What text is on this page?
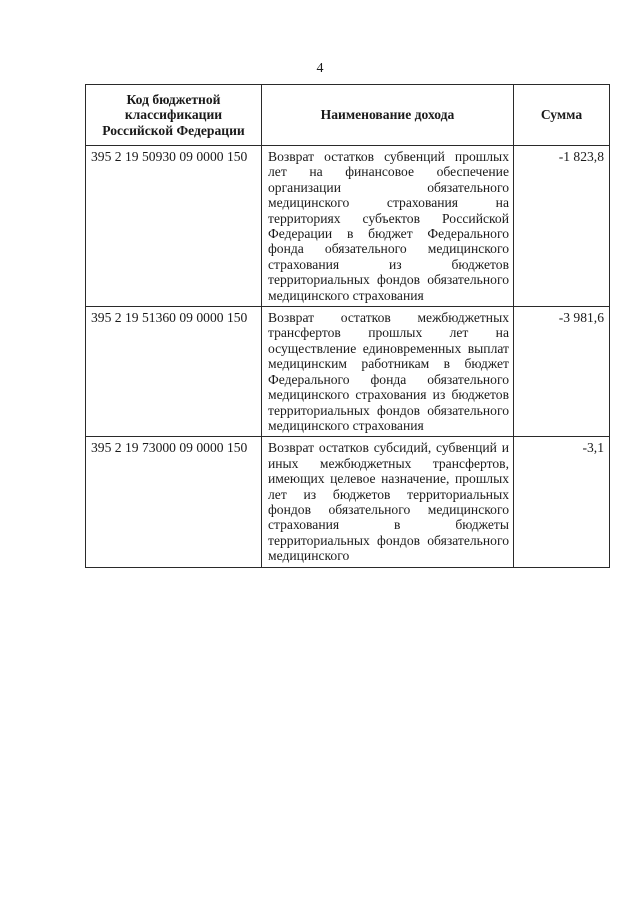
4
Код бюджетной классификации Российской Федерации	Наименование дохода	Сумма
395 2 19 50930 09 0000 150	Возврат остатков субвенций прошлых лет на финансовое обеспечение организации обязательного медицинского страхования на территориях субъектов Российской Федерации в бюджет Федерального фонда обязательного медицинского страхования из бюджетов территориальных фондов обязательного медицинского страхования	-1 823,8
395 2 19 51360 09 0000 150	Возврат остатков межбюджетных трансфертов прошлых лет на осуществление единовременных выплат медицинским работникам в бюджет Федерального фонда обязательного медицинского страхования из бюджетов территориальных фондов обязательного медицинского страхования	-3 981,6
395 2 19 73000 09 0000 150	Возврат остатков субсидий, субвенций и иных межбюджетных трансфертов, имеющих целевое назначение, прошлых лет из бюджетов территориальных фондов обязательного медицинского страхования в бюджеты территориальных фондов обязательного медицинского	-3,1
